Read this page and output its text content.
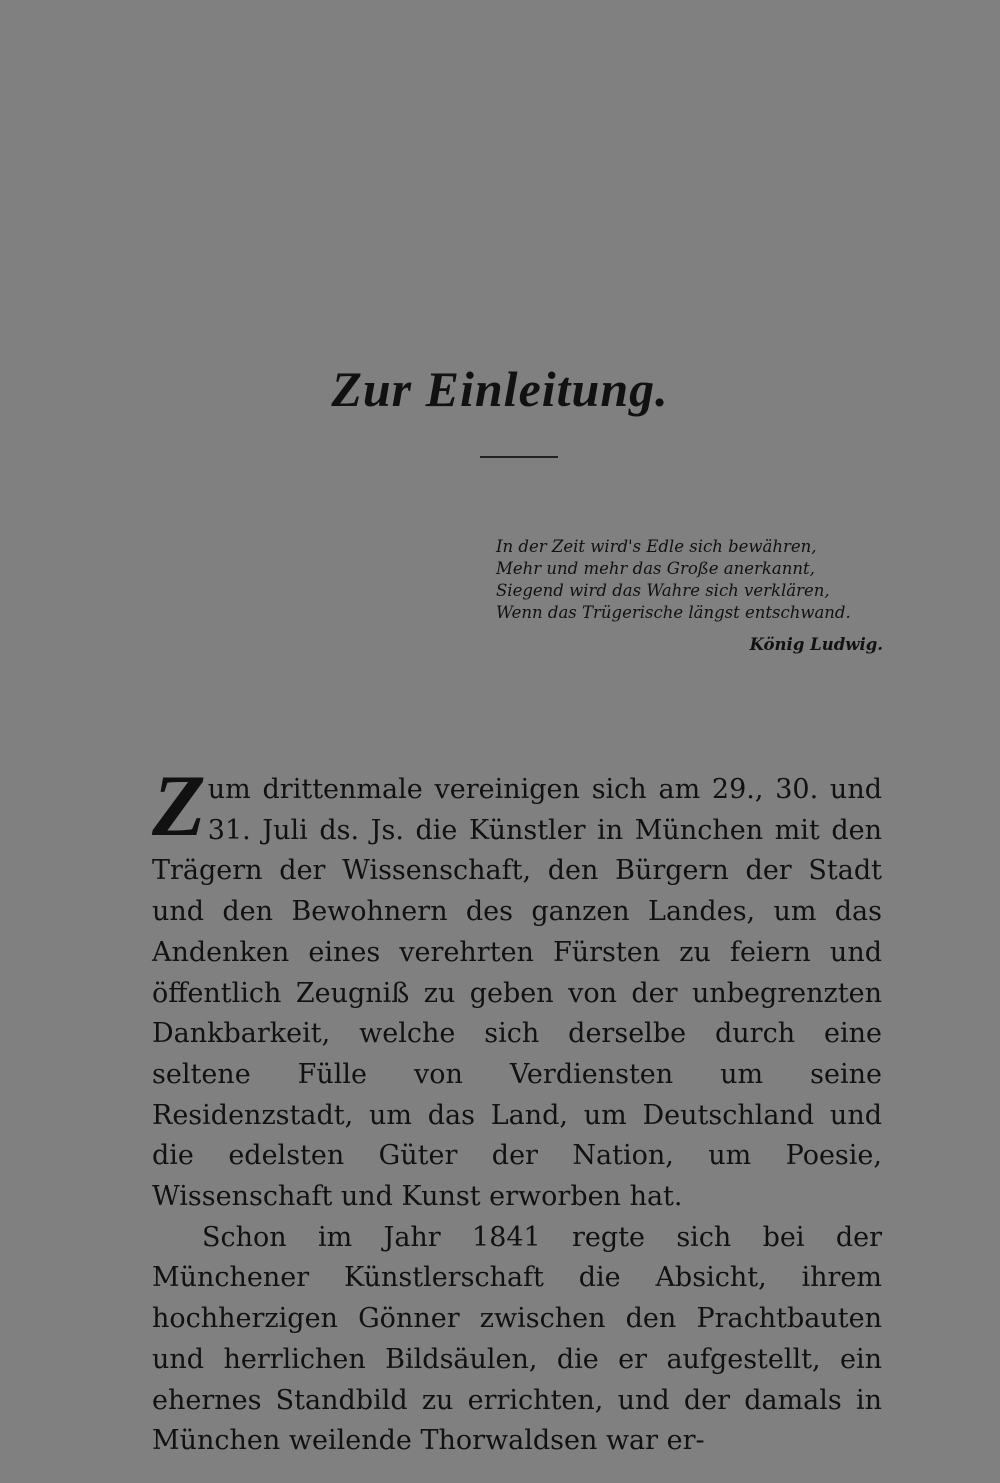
Zur Einleitung.
In der Zeit wird's Edle sich bewähren,
Mehr und mehr das Große anerkannt,
Siegend wird das Wahre sich verklären,
Wenn das Trügerische längst entschwand.
König Ludwig.

Zum drittenmale vereinigen sich am 29., 30. und 31. Juli ds. Js. die Künstler in München mit den Trägern der Wissenschaft, den Bürgern der Stadt und den Bewohnern des ganzen Landes, um das Andenken eines verehrten Fürsten zu feiern und öffentlich Zeugniß zu geben von der unbegrenzten Dankbarkeit, welche sich derselbe durch eine seltene Fülle von Verdiensten um seine Residenzstadt, um das Land, um Deutschland und die edelsten Güter der Nation, um Poesie, Wissenschaft und Kunst erworben hat.

Schon im Jahr 1841 regte sich bei der Münchener Künstlerschaft die Absicht, ihrem hochherzigen Gönner zwischen den Prachtbauten und herrlichen Bildsäulen, die er aufgestellt, ein ehernes Standbild zu errichten, und der damals in München weilende Thorwaldsen war er-
